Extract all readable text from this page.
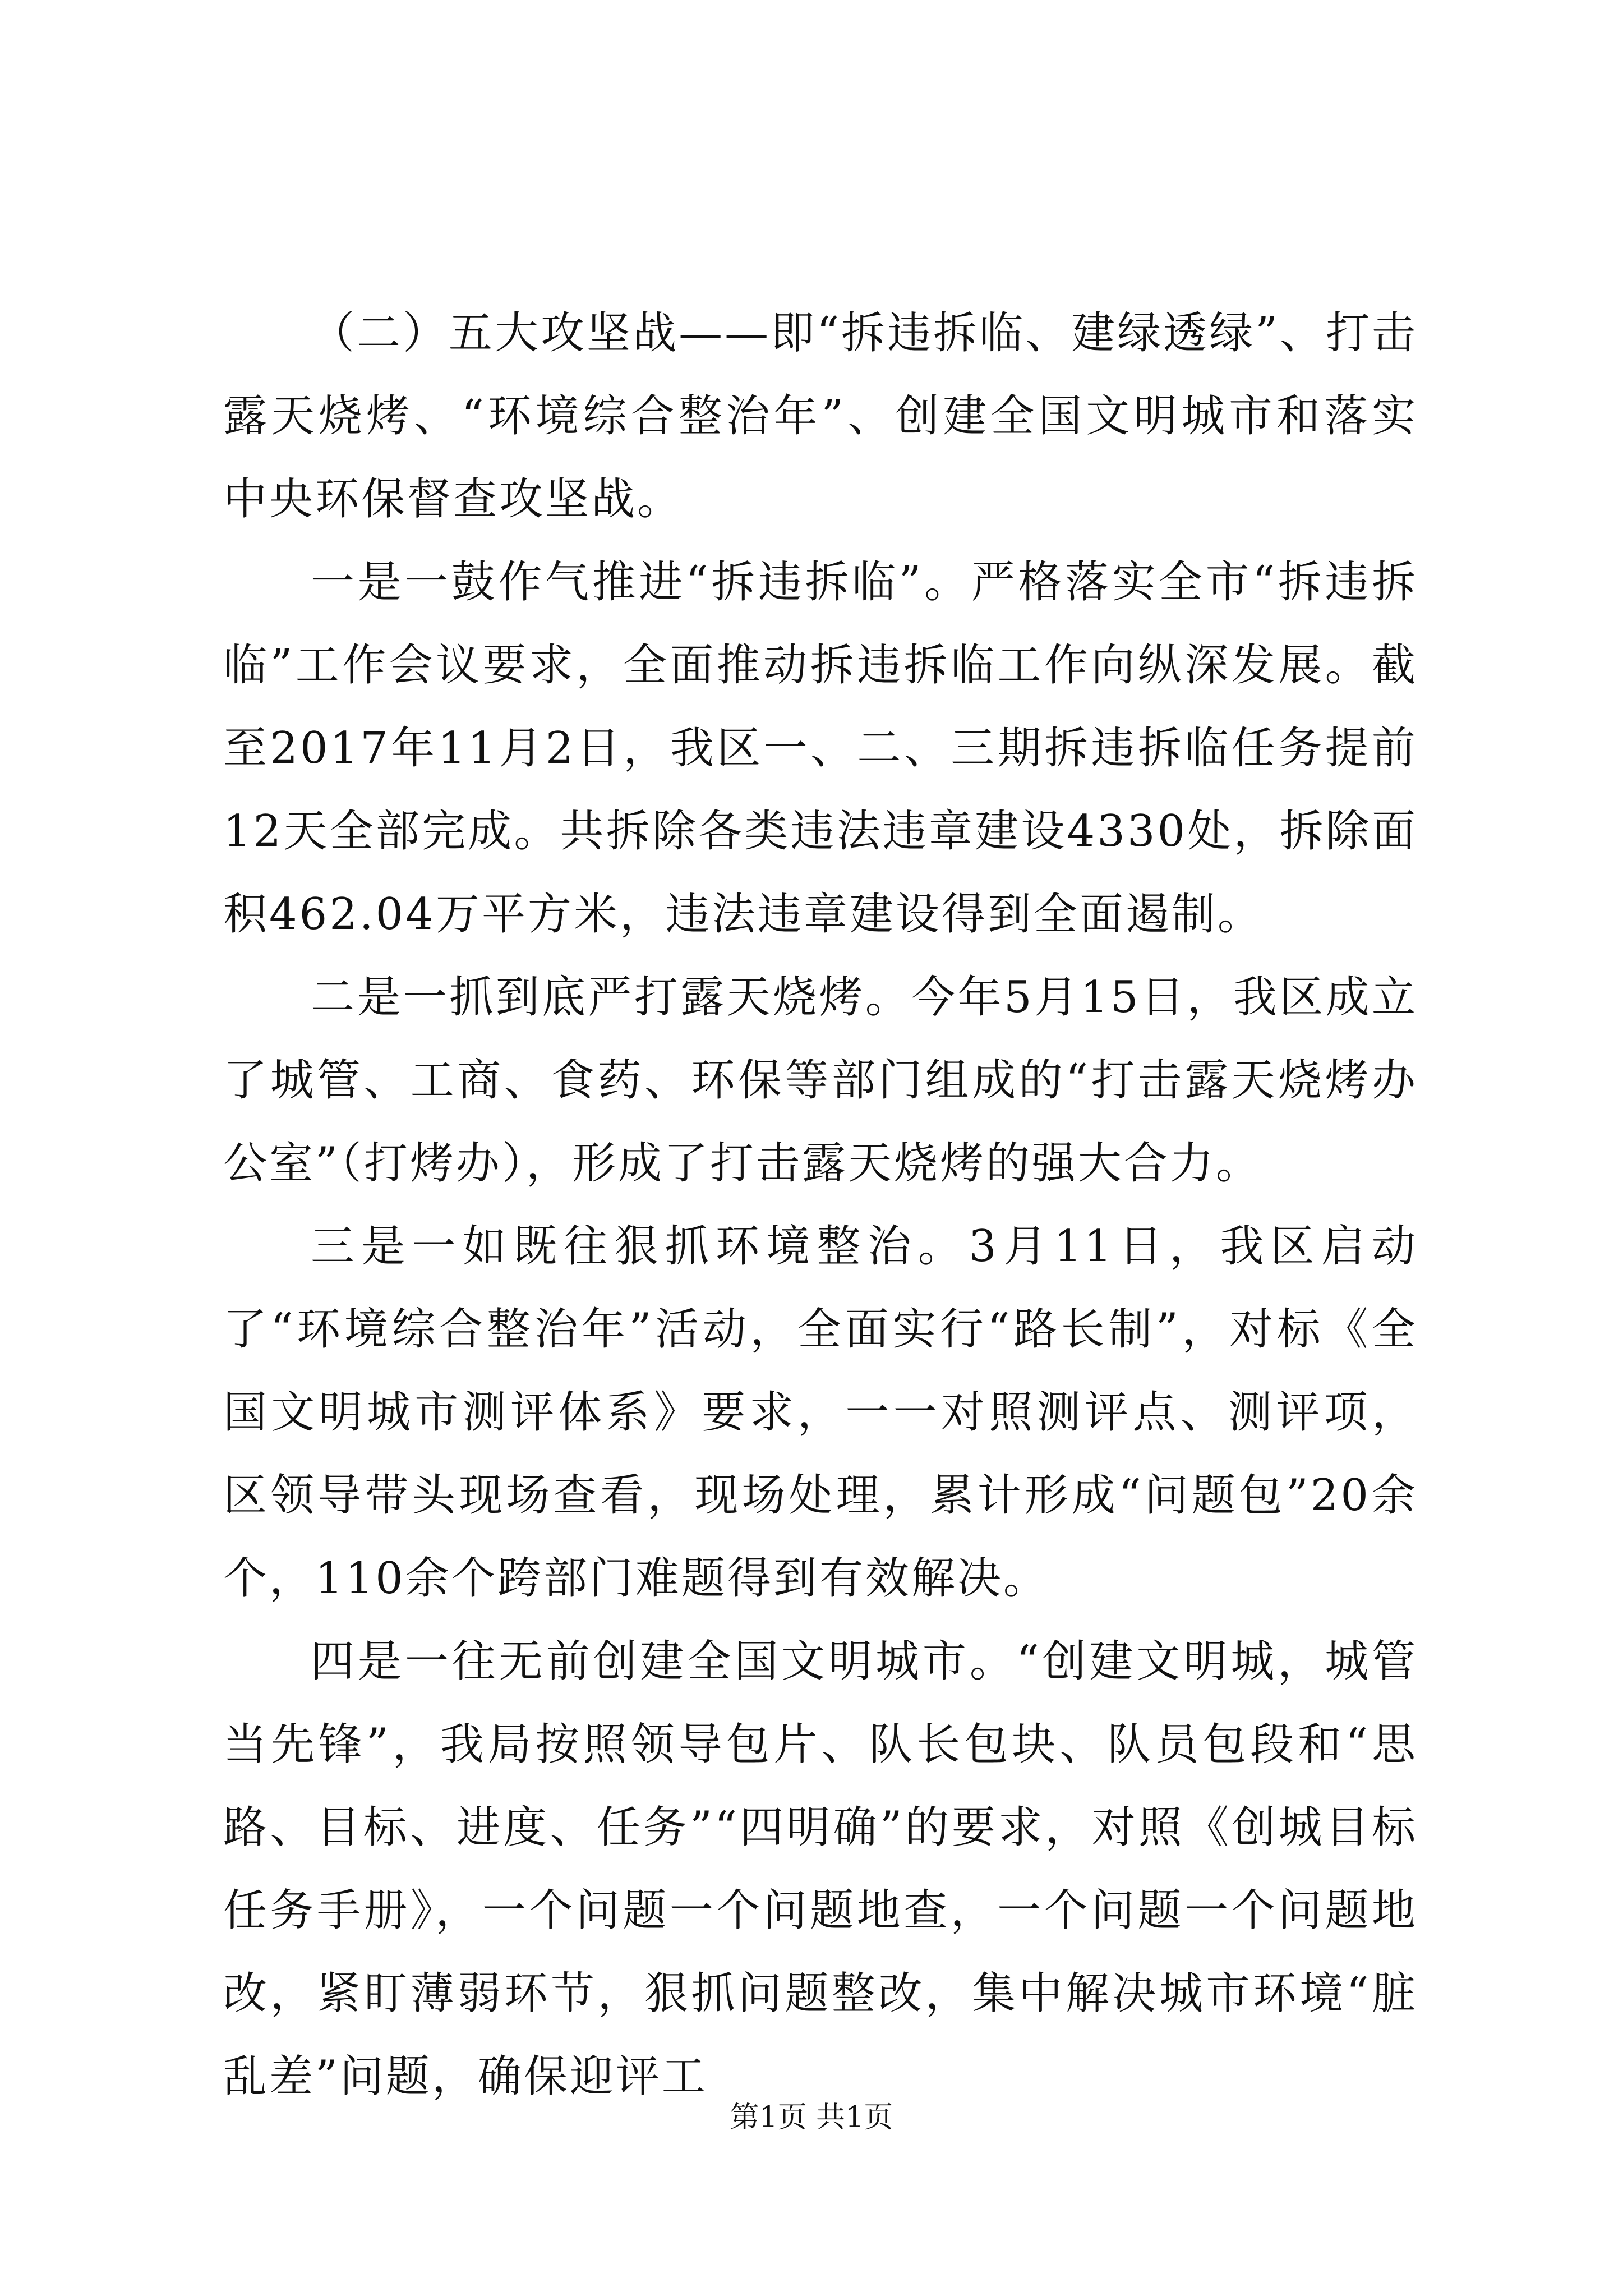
（二）五大攻坚战——即“拆违拆临、建绿透绿”、打击露天烧烤、“环境综合整治年”、创建全国文明城市和落实中央环保督查攻坚战。

一是一鼓作气推进“拆违拆临”。严格落实全市“拆违拆临”工作会议要求，全面推动拆违拆临工作向纵深发展。截至2017年11月2日，我区一、二、三期拆违拆临任务提前12天全部完成。共拆除各类违法违章建设4330处，拆除面积462.04万平方米，违法违章建设得到全面遏制。

二是一抓到底严打露天烧烤。今年5月15日，我区成立了城管、工商、食药、环保等部门组成的“打击露天烧烤办公室”（打烤办），形成了打击露天烧烤的强大合力。

三是一如既往狠抓环境整治。3月11日，我区启动了“环境综合整治年”活动，全面实行“路长制”，对标《全国文明城市测评体系》要求，一一对照测评点、测评项，区领导带头现场查看，现场处理，累计形成“问题包”20余个，110余个跨部门难题得到有效解决。

四是一往无前创建全国文明城市。“创建文明城，城管当先锋”，我局按照领导包片、队长包块、队员包段和“思路、目标、进度、任务”“四明确”的要求，对照《创城目标任务手册》，一个问题一个问题地查，一个问题一个问题地改，紧盯薄弱环节，狠抓问题整改，集中解决城市环境“脏乱差”问题，确保迎评工

第1页 共1页
